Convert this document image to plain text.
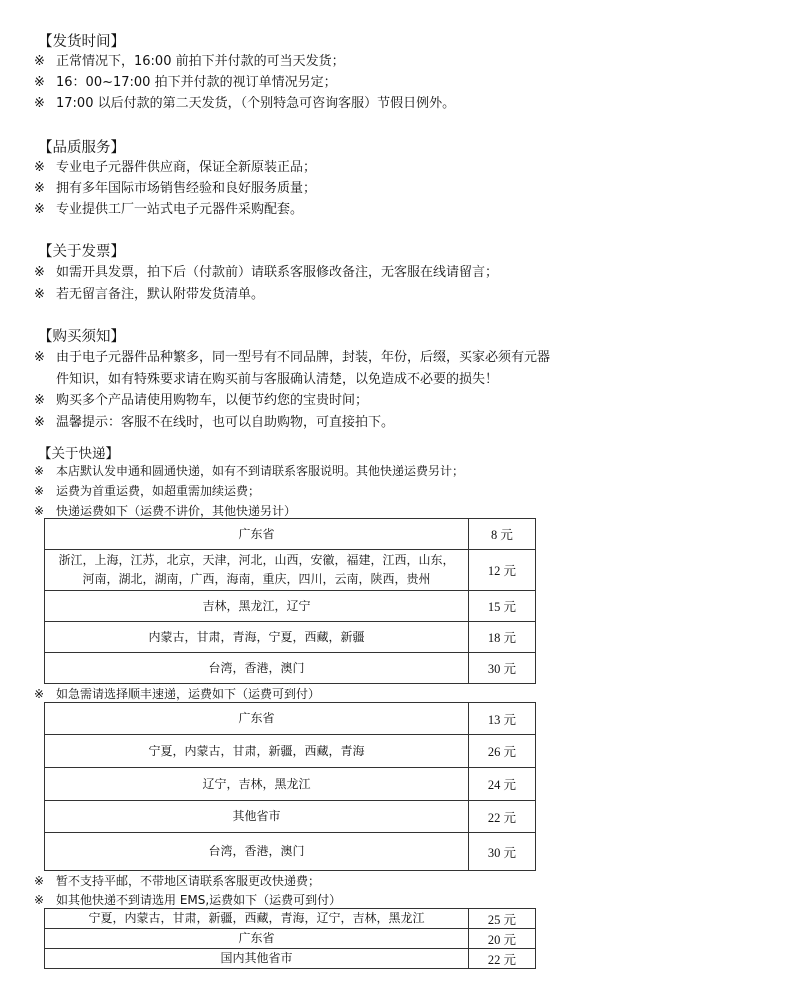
【发货时间】
※ 正常情况下，16:00 前拍下并付款的可当天发货；
※ 16：00~17:00 拍下并付款的视订单情况另定；
※ 17:00 以后付款的第二天发货，（个别特急可咨询客服）节假日例外。
【品质服务】
※ 专业电子元器件供应商，保证全新原装正品；
※ 拥有多年国际市场销售经验和良好服务质量；
※ 专业提供工厂一站式电子元器件采购配套。
【关于发票】
※ 如需开具发票，拍下后（付款前）请联系客服修改备注，无客服在线请留言；
※ 若无留言备注，默认附带发货清单。
【购买须知】
※ 由于电子元器件品种繁多，同一型号有不同品牌，封装，年份，后缀，买家必须有元器
件知识，如有特殊要求请在购买前与客服确认清楚，以免造成不必要的损失！
※ 购买多个产品请使用购物车，以便节约您的宝贵时间；
※ 温馨提示：客服不在线时，也可以自助购物，可直接拍下。
【关于快递】
※ 本店默认发申通和圆通快递，如有不到请联系客服说明。其他快递运费另计；
※ 运费为首重运费，如超重需加续运费；
※ 快递运费如下（运费不讲价，其他快递另计）
广东省	8 元

浙江，上海，江苏，北京，天津，河北，山西，安徽，福建，江西，山东，
河南，湖北，湖南，广西，海南，重庆，四川，云南，陕西，贵州	12 元
吉林，黑龙江，辽宁	15 元
内蒙古，甘肃，青海，宁夏，西藏，新疆	18 元
台湾，香港，澳门	30 元
※ 如急需请选择顺丰速递，运费如下（运费可到付）
广东省	13 元
宁夏，内蒙古，甘肃，新疆，西藏，青海	26 元
辽宁，吉林，黑龙江	24 元
其他省市	22 元
台湾，香港，澳门	30 元
※ 暂不支持平邮，不带地区请联系客服更改快递费；
※ 如其他快递不到请选用 EMS,运费如下（运费可到付）
宁夏，内蒙古，甘肃，新疆，西藏，青海，辽宁，吉林，黑龙江	25 元
广东省	20 元
国内其他省市	22 元
